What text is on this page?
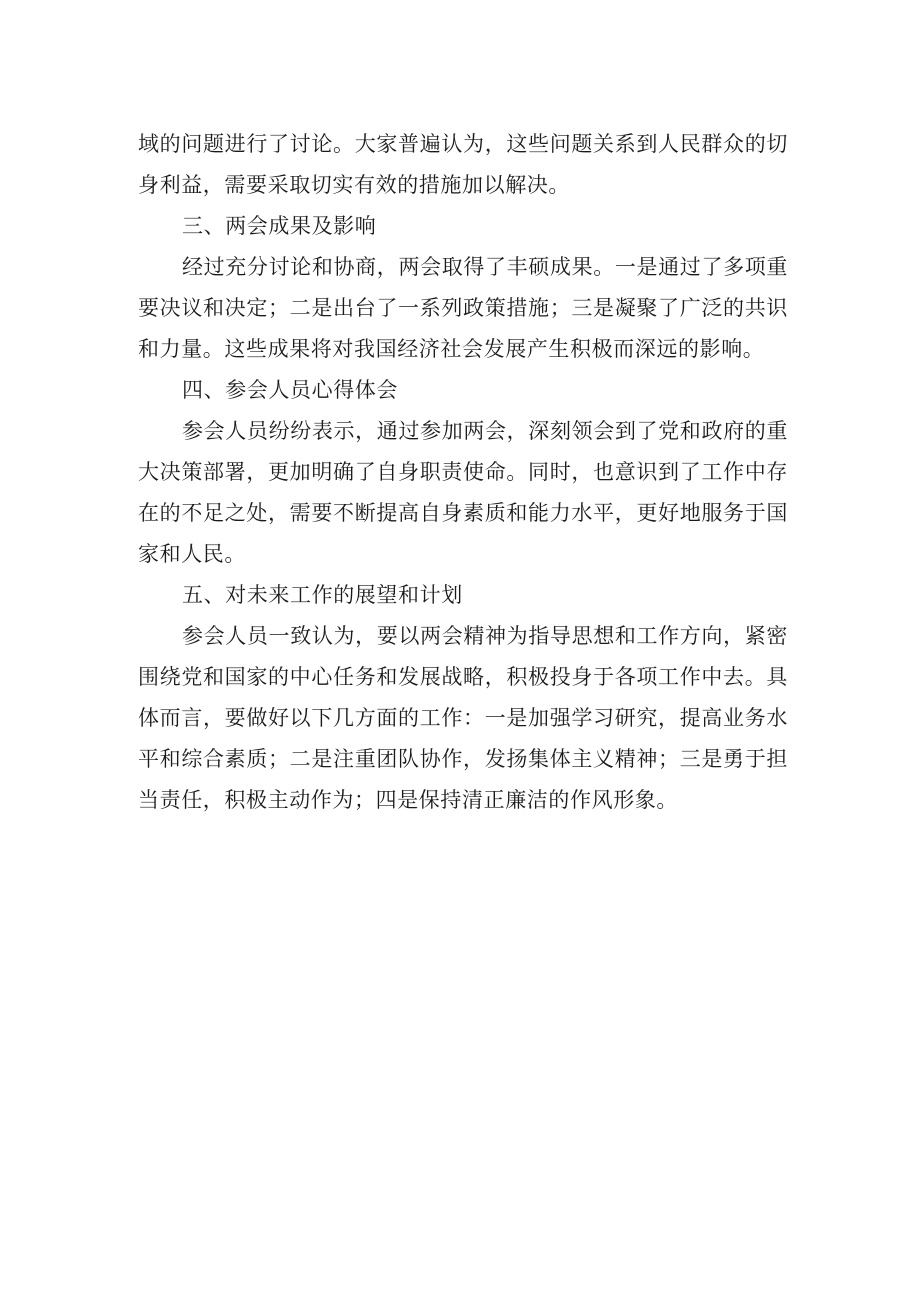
域的问题进行了讨论。大家普遍认为，这些问题关系到人民群众的切身利益，需要采取切实有效的措施加以解决。

三、两会成果及影响

经过充分讨论和协商，两会取得了丰硕成果。一是通过了多项重要决议和决定；二是出台了一系列政策措施；三是凝聚了广泛的共识和力量。这些成果将对我国经济社会发展产生积极而深远的影响。

四、参会人员心得体会

参会人员纷纷表示，通过参加两会，深刻领会到了党和政府的重大决策部署，更加明确了自身职责使命。同时，也意识到了工作中存在的不足之处，需要不断提高自身素质和能力水平，更好地服务于国家和人民。

五、对未来工作的展望和计划

参会人员一致认为，要以两会精神为指导思想和工作方向，紧密围绕党和国家的中心任务和发展战略，积极投身于各项工作中去。具体而言，要做好以下几方面的工作：一是加强学习研究，提高业务水平和综合素质；二是注重团队协作，发扬集体主义精神；三是勇于担当责任，积极主动作为；四是保持清正廉洁的作风形象。
